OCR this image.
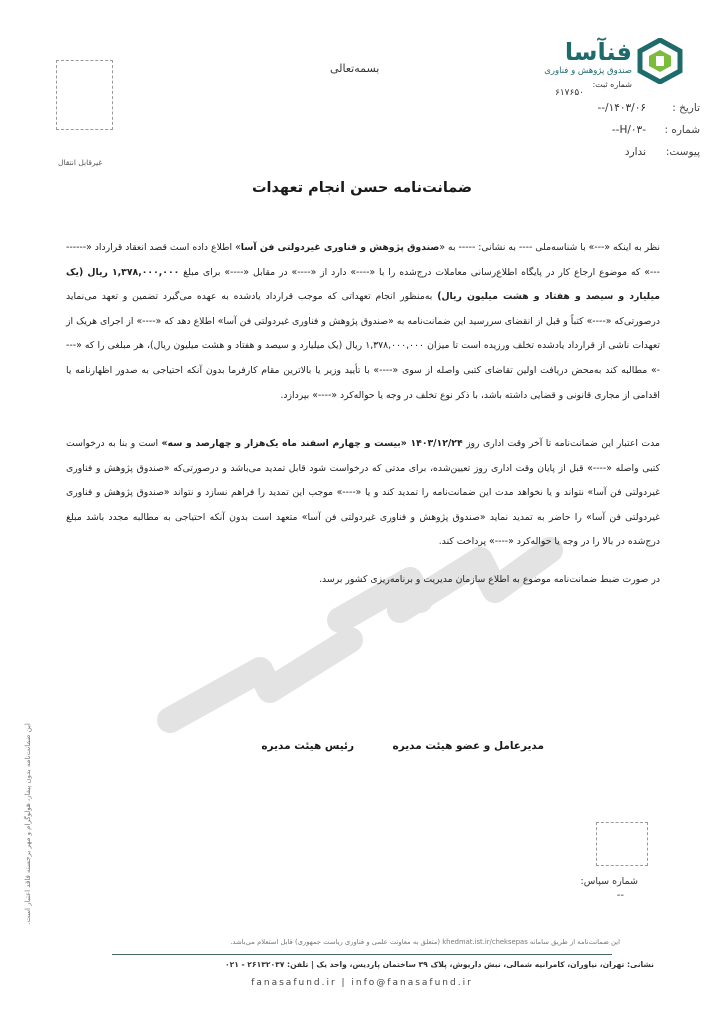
فنآسا
صندوق پژوهش و فناوری
شماره ثبت:
۶۱۷۶۵۰
بسمه‌تعالی
تاریخ :۱۴۰۳/۰۶/--
شماره :-۰۳/H--
پیوست:ندارد
غیرقابل انتقال
ضمانت‌نامه حسن انجام تعهدات

نظر به اینکه «---» با شناسه‌ملی ---- به نشانی: ----- به «صندوق پژوهش و فناوری غیردولتی فن آسا» اطلاع داده است قصد انعقاد قرارداد «---------» که موضوع ارجاع کار در پایگاه اطلاع‌رسانی معاملات درج‌شده را با «----» دارد از «----» در مقابل «----» برای مبلغ ۱,۳۷۸,۰۰۰,۰۰۰ ریال (یک میلیارد و سیصد و هفتاد و هشت میلیون ریال) به‌منظور انجام تعهداتی که موجب قرارداد یادشده به عهده می‌گیرد تضمین و تعهد می‌نماید درصورتی‌که «----» کتباً و قبل از انقضای سررسید این ضمانت‌نامه به «صندوق پژوهش و فناوری غیردولتی فن آسا» اطلاع دهد که «----» از اجرای هریک از تعهدات ناشی از قرارداد یادشده تخلف ورزیده است تا میزان ۱,۳۷۸,۰۰۰,۰۰۰ ریال (یک میلیارد و سیصد و هفتاد و هشت میلیون ریال)، هر مبلغی را که «----» مطالبه کند به‌محض دریافت اولین تقاضای کتبی واصله از سوی «----» با تأیید وزیر یا بالاترین مقام کارفرما بدون آنکه احتیاجی به صدور اظهارنامه یا اقدامی از مجاری قانونی و قضایی داشته باشد، با ذکر نوع تخلف در وجه یا حواله‌کرد «----» بپردازد.

مدت اعتبار این ضمانت‌نامه تا آخر وقت اداری روز ۱۴۰۳/۱۲/۲۴ «بیست و چهارم اسفند ماه یک‌هزار و چهارصد و سه» است و بنا به درخواست کتبی واصله «----» قبل از پایان وقت اداری روز تعیین‌شده، برای مدتی که درخواست شود قابل تمدید می‌باشد و درصورتی‌که «صندوق پژوهش و فناوری غیردولتی فن آسا» نتواند و یا نخواهد مدت این ضمانت‌نامه را تمدید کند و یا «----» موجب این تمدید را فراهم نسازد و نتواند «صندوق پژوهش و فناوری غیردولتی فن آسا» را حاضر به تمدید نماید «صندوق پژوهش و فناوری غیردولتی فن آسا» متعهد است بدون آنکه احتیاجی به مطالبه مجدد باشد مبلغ درج‌شده در بالا را در وجه یا حواله‌کرد «----» پرداخت کند.

در صورت ضبط ضمانت‌نامه موضوع به اطلاع سازمان مدیریت و برنامه‌ریزی کشور برسد.

رئیس هیئت مدیره	مدیرعامل و عضو هیئت مدیره
شماره سپاس:
--
این ضمانت‌نامه بدون پیفار، هولوگرام و مهر برجسته فاقد اعتبار است.
این ضمانت‌نامه از طریق سامانه khedmat.ist.ir/cheksepas (متعلق به معاونت علمی و فناوری ریاست جمهوری) قابل استعلام می‌باشد.
نشانی: تهران، نیاوران، کامرانیه شمالی، نبش داریوش، پلاک ۳۹ ساختمان پاردیس، واحد یک | تلفن: ۲۶۱۳۲۰۳۷ - ۰۲۱
fanasafund.ir | info@fanasafund.ir
